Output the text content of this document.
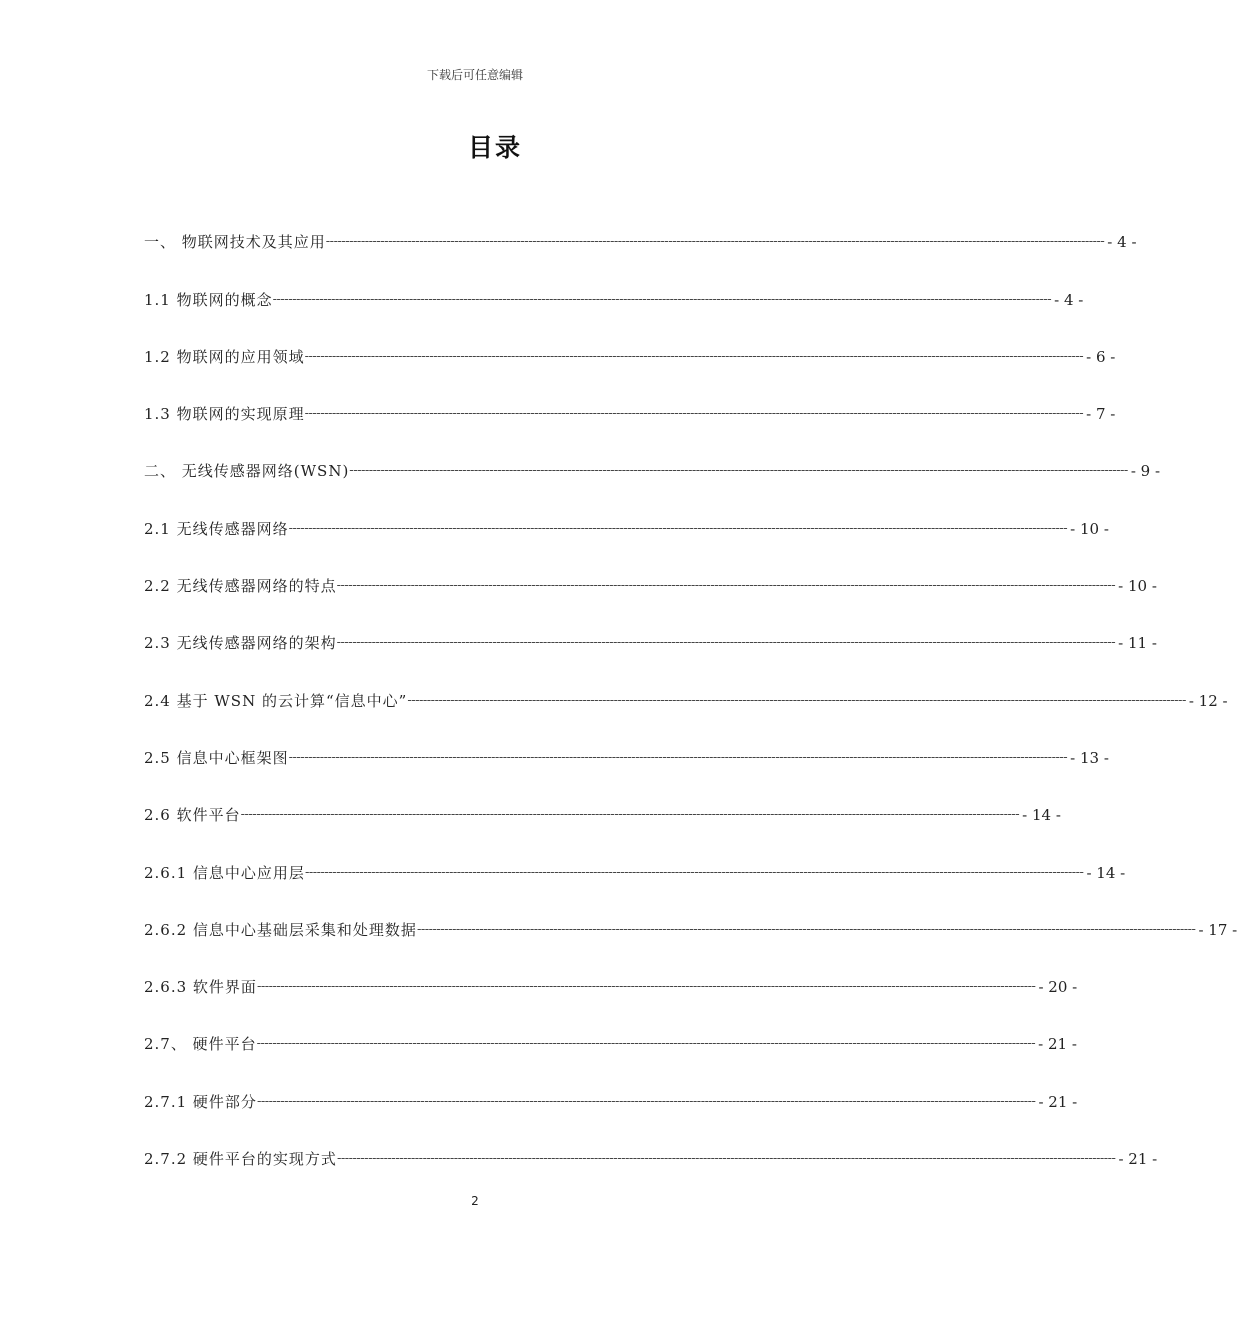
下载后可任意编辑
目录
一、 物联网技术及其应用 -------------------------------------------------------------------------------------------------------------------------------------------------------------------------------------------------------- - 4 -
1.1 物联网的概念 -------------------------------------------------------------------------------------------------------------------------------------------------------------------------------------------------------- - 4 -
1.2 物联网的应用领域 -------------------------------------------------------------------------------------------------------------------------------------------------------------------------------------------------------- - 6 -
1.3 物联网的实现原理 -------------------------------------------------------------------------------------------------------------------------------------------------------------------------------------------------------- - 7 -
二、 无线传感器网络(WSN) -------------------------------------------------------------------------------------------------------------------------------------------------------------------------------------------------------- - 9 -
2.1 无线传感器网络 -------------------------------------------------------------------------------------------------------------------------------------------------------------------------------------------------------- - 10 -
2.2 无线传感器网络的特点 -------------------------------------------------------------------------------------------------------------------------------------------------------------------------------------------------------- - 10 -
2.3 无线传感器网络的架构 -------------------------------------------------------------------------------------------------------------------------------------------------------------------------------------------------------- - 11 -
2.4 基于 WSN 的云计算“信息中心” -------------------------------------------------------------------------------------------------------------------------------------------------------------------------------------------------------- - 12 -
2.5 信息中心框架图 -------------------------------------------------------------------------------------------------------------------------------------------------------------------------------------------------------- - 13 -
2.6 软件平台 -------------------------------------------------------------------------------------------------------------------------------------------------------------------------------------------------------- - 14 -
2.6.1 信息中心应用层 -------------------------------------------------------------------------------------------------------------------------------------------------------------------------------------------------------- - 14 -
2.6.2 信息中心基础层采集和处理数据 -------------------------------------------------------------------------------------------------------------------------------------------------------------------------------------------------------- - 17 -
2.6.3 软件界面 -------------------------------------------------------------------------------------------------------------------------------------------------------------------------------------------------------- - 20 -
2.7、 硬件平台 -------------------------------------------------------------------------------------------------------------------------------------------------------------------------------------------------------- - 21 -
2.7.1 硬件部分 -------------------------------------------------------------------------------------------------------------------------------------------------------------------------------------------------------- - 21 -
2.7.2 硬件平台的实现方式 -------------------------------------------------------------------------------------------------------------------------------------------------------------------------------------------------------- - 21 -
2
